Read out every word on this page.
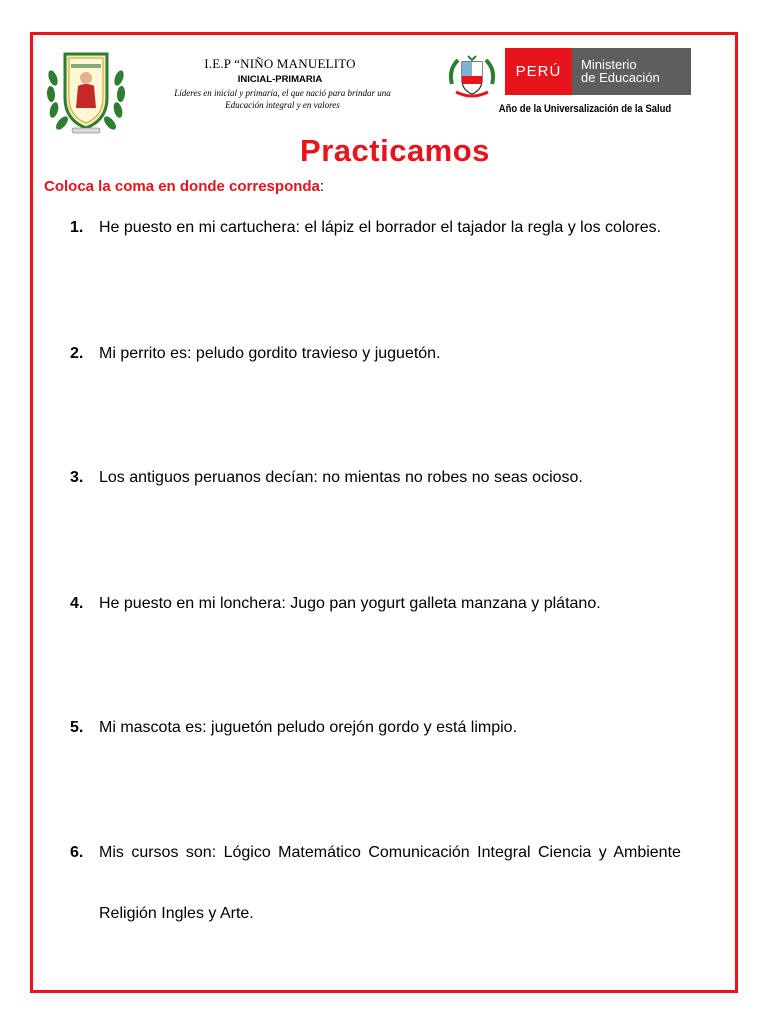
I.E.P “NIÑO MANUELITO
INICIAL-PRIMARIA
Líderes en inicial y primaria, el que nació para brindar una
Educación integral y en valores
PERÚ	Ministerio
de Educación
Año de la Universalización de la Salud
Practicamos
Coloca la coma en donde corresponda:
1. He puesto en mi cartuchera: el lápiz el borrador el tajador la regla y los colores.
2. Mi perrito es: peludo gordito travieso y juguetón.
3. Los antiguos peruanos decían: no mientas no robes no seas ocioso.
4. He puesto en mi lonchera: Jugo pan yogurt galleta manzana y plátano.
5. Mi mascota es: juguetón peludo orejón gordo y está limpio.
6. Mis cursos son: Lógico Matemático Comunicación Integral Ciencia y Ambiente
Religión Ingles y Arte.
